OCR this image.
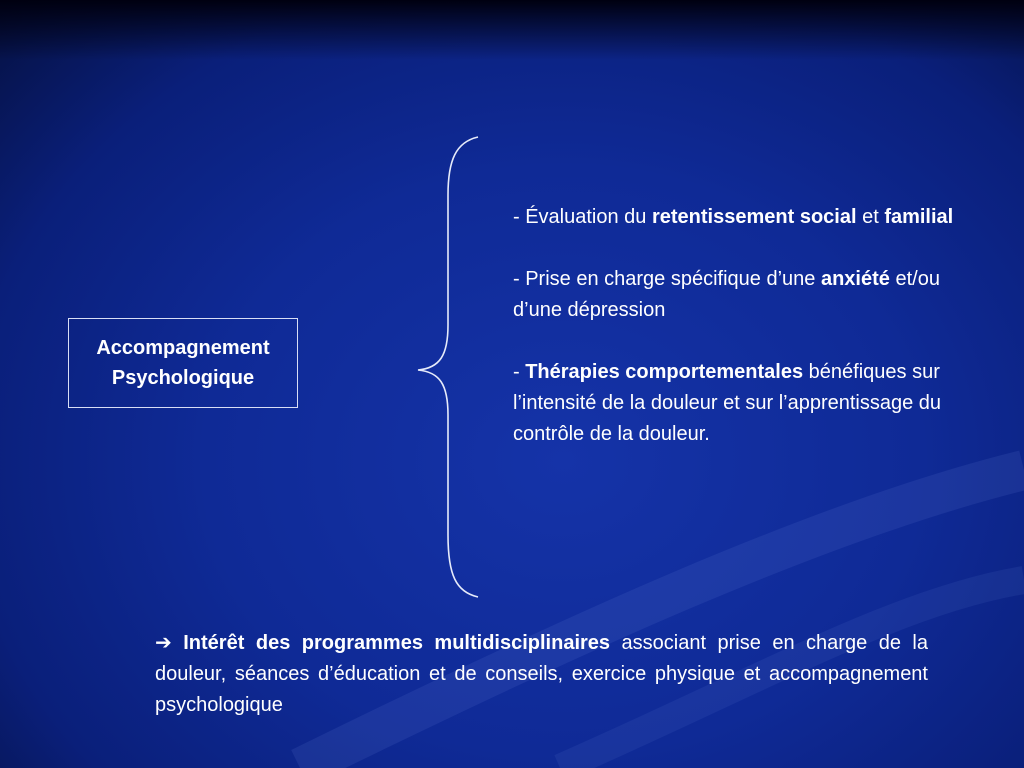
Accompagnement
Psychologique
- Évaluation du retentissement social et familial
- Prise en charge spécifique d’une anxiété et/ou d’une dépression
- Thérapies comportementales bénéfiques sur l’intensité de la douleur et sur l’apprentissage du contrôle de la douleur.
➔ Intérêt des programmes multidisciplinaires associant prise en charge de la douleur, séances d’éducation et de conseils, exercice physique et accompagnement psychologique
